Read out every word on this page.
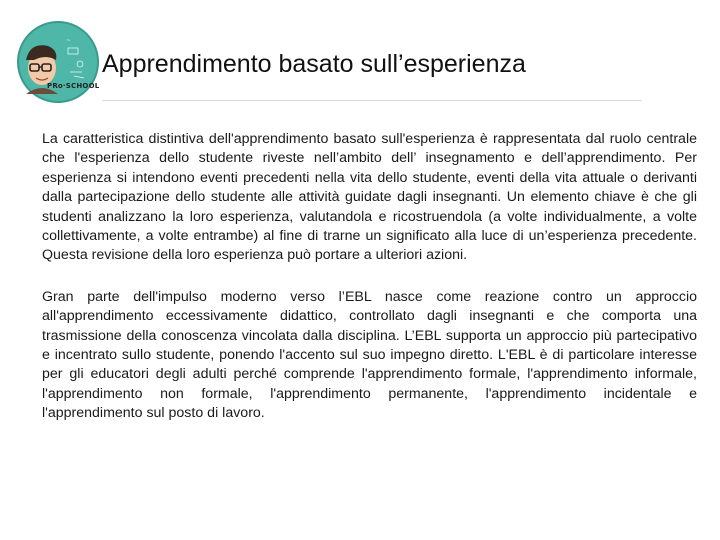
~
PRo·SCHOOL
Apprendimento basato sull’esperienza

La caratteristica distintiva dell'apprendimento basato sull'esperienza è rappresentata dal ruolo centrale che l'esperienza dello studente riveste nell’ambito dell’ insegnamento e dell’apprendimento. Per esperienza si intendono eventi precedenti nella vita dello studente, eventi della vita attuale o derivanti dalla partecipazione dello studente alle attività guidate dagli insegnanti. Un elemento chiave è che gli studenti analizzano la loro esperienza, valutandola e ricostruendola (a volte individualmente, a volte collettivamente, a volte entrambe) al fine di trarne un significato alla luce di un’esperienza precedente. Questa revisione della loro esperienza può portare a ulteriori azioni.

Gran parte dell'impulso moderno verso l’EBL nasce come reazione contro un approccio all'apprendimento eccessivamente didattico, controllato dagli insegnanti e che comporta una trasmissione della conoscenza vincolata dalla disciplina. L’EBL supporta un approccio più partecipativo e incentrato sullo studente, ponendo l'accento sul suo impegno diretto. L'EBL è di particolare interesse per gli educatori degli adulti perché comprende l'apprendimento formale, l'apprendimento informale, l'apprendimento non formale, l'apprendimento permanente, l'apprendimento incidentale e l'apprendimento sul posto di lavoro.
